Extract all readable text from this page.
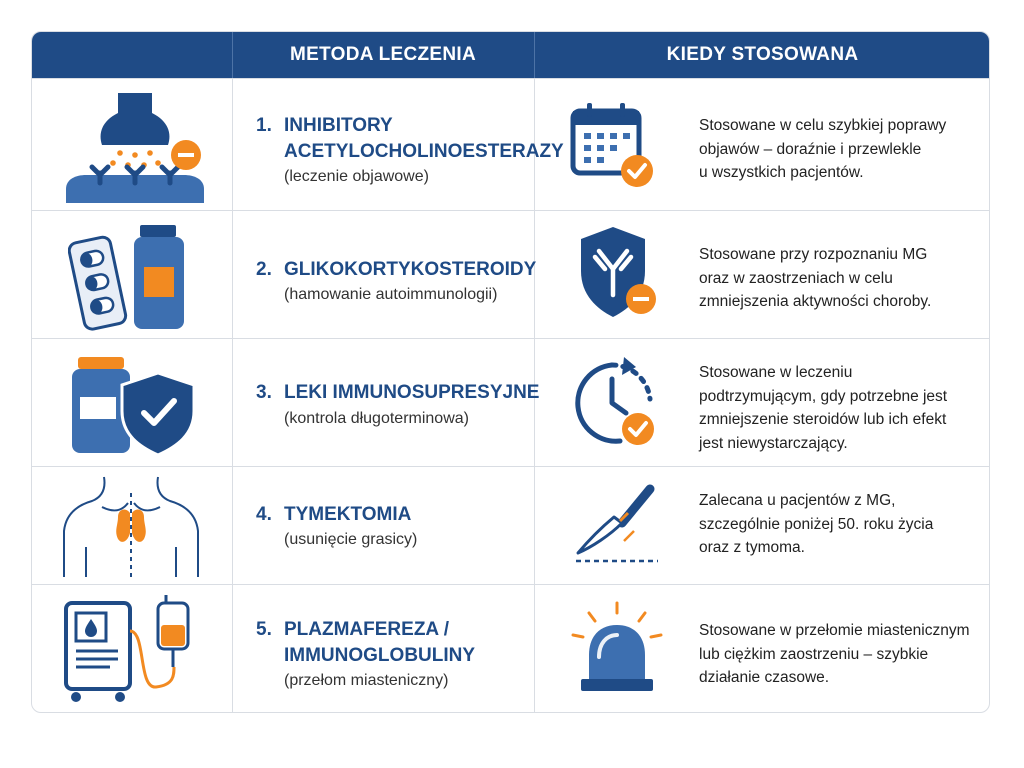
METODA LECZENIA	KIEDY STOSOWANA
1. INHIBITORY
ACETYLOCHOLINOESTERAZY
(leczenie objawowe)
Stosowane w celu szybkiej poprawy
objawów – doraźnie i przewlekle
u wszystkich pacjentów.
2. GLIKOKORTYKOSTEROIDY
(hamowanie autoimmunologii)
Stosowane przy rozpoznaniu MG
oraz w zaostrzeniach w celu
zmniejszenia aktywności choroby.
3. LEKI IMMUNOSUPRESYJNE
(kontrola długoterminowa)
Stosowane w leczeniu
podtrzymującym, gdy potrzebne jest
zmniejszenie steroidów lub ich efekt
jest niewystarczający.
4. TYMEKTOMIA
(usunięcie grasicy)
Zalecana u pacjentów z MG,
szczególnie poniżej 50. roku życia
oraz z tymoma.
5. PLAZMAFEREZA /
IMMUNOGLOBULINY
(przełom miasteniczny)
Stosowane w przełomie miastenicznym
lub ciężkim zaostrzeniu – szybkie
działanie czasowe.
